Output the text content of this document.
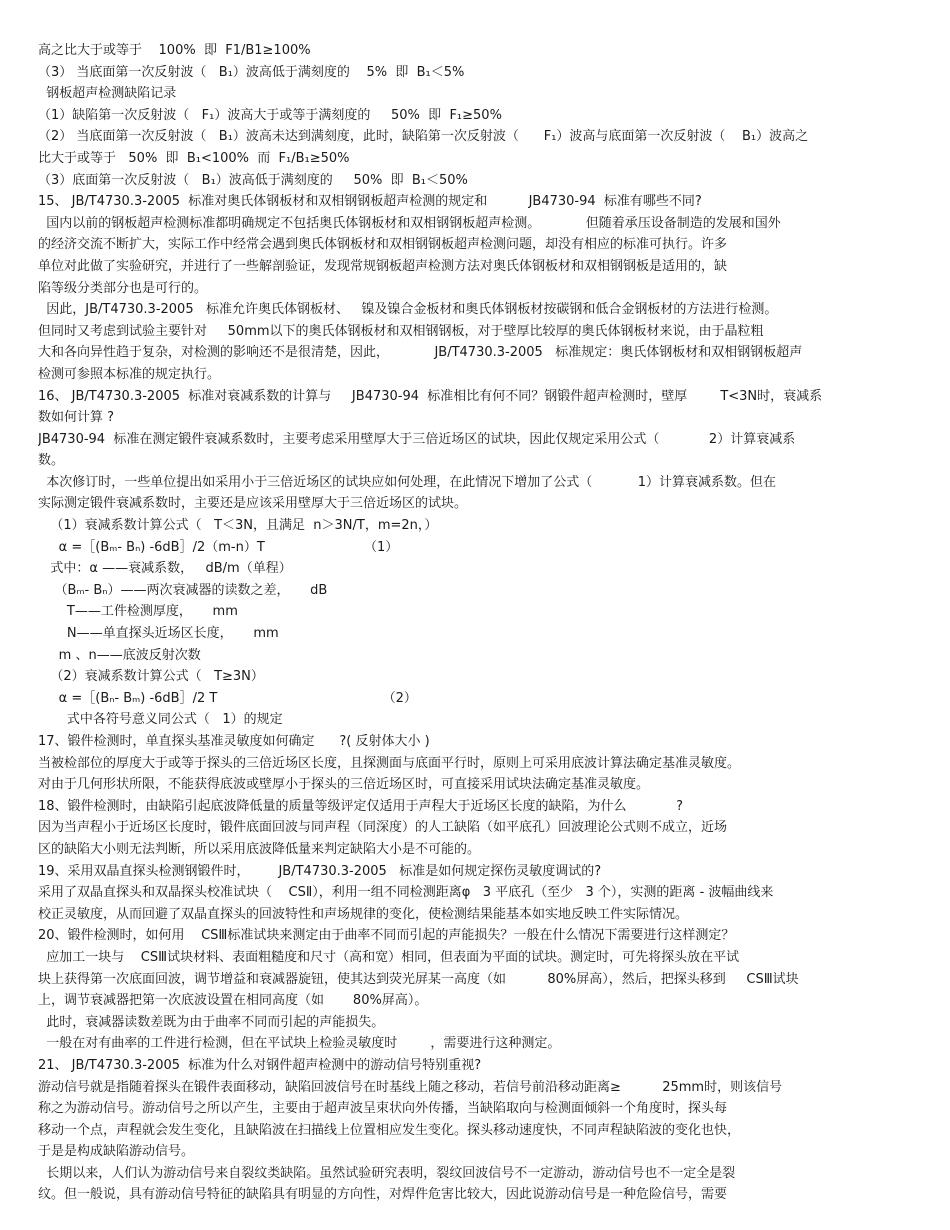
高之比大于或等于    100%  即  F1/B1≥100%
（3） 当底面第一次反射波（   B₁）波高低于满刻度的    5%  即  B₁＜5%
钢板超声检测缺陷记录
（1）缺陷第一次反射波（   F₁）波高大于或等于满刻度的     50%  即  F₁≥50%
（2） 当底面第一次反射波（   B₁）波高未达到满刻度，此时，缺陷第一次反射波（      F₁）波高与底面第一次反射波（    B₁）波高之
比大于或等于   50%  即  B₁<100%  而  F₁/B₁≥50%
（3）底面第一次反射波（   B₁）波高低于满刻度的     50%  即  B₁＜50%
15、 JB/T4730.3-2005  标准对奥氏体钢板材和双相钢钢板超声检测的规定和          JB4730-94  标准有哪些不同?
国内以前的钢板超声检测标准都明确规定不包括奥氏体钢板材和双相钢钢板超声检测。           但随着承压设备制造的发展和国外
的经济交流不断扩大，实际工作中经常会遇到奥氏体钢板材和双相钢钢板超声检测问题，却没有相应的标准可执行。许多
单位对此做了实验研究，并进行了一些解剖验证，发现常规钢板超声检测方法对奥氏体钢板材和双相钢钢板是适用的，缺
陷等级分类部分也是可行的。
因此，JB/T4730.3-2005   标准允许奥氏体钢板材、   镍及镍合金板材和奥氏体钢板材按碳钢和低合金钢板材的方法进行检测。
但同时又考虑到试验主要针对     50mm以下的奥氏体钢板材和双相钢钢板，对于壁厚比较厚的奥氏体钢板材来说，由于晶粒粗
大和各向异性趋于复杂，对检测的影响还不是很清楚，因此，           JB/T4730.3-2005   标准规定：奥氏体钢板材和双相钢钢板超声
检测可参照本标准的规定执行。
16、 JB/T4730.3-2005  标准对衰减系数的计算与     JB4730-94  标准相比有何不同？钢锻件超声检测时，壁厚        T<3N时，衰减系
数如何计算 ?
JB4730-94  标准在测定锻件衰减系数时，主要考虑采用壁厚大于三倍近场区的试块，因此仅规定采用公式（            2）计算衰减系
数。
本次修订时，一些单位提出如采用小于三倍近场区的试块应如何处理，在此情况下增加了公式（           1）计算衰减系数。但在
实际测定锻件衰减系数时，主要还是应该采用壁厚大于三倍近场区的试块。
（1）衰减系数计算公式（   T＜3N，且满足  n＞3N/T，m=2n，）
α =［(Bₘ- Bₙ) -6dB］/2（m-n）T                        （1）
式中：α ——衰减系数，   dB/m（单程）
（Bₘ- Bₙ）——两次衰减器的读数之差，     dB
T——工件检测厚度，     mm
N——单直探头近场区长度，     mm
m 、n——底波反射次数
（2）衰减系数计算公式（   T≥3N）
α =［(Bₙ- Bₘ) -6dB］/2 T                                        （2）
式中各符号意义同公式（   1）的规定
17、锻件检测时，单直探头基准灵敏度如何确定      ?( 反射体大小 )
当被检部位的厚度大于或等于探头的三倍近场区长度，且探测面与底面平行时，原则上可采用底波计算法确定基准灵敏度。
对由于几何形状所限，不能获得底波或壁厚小于探头的三倍近场区时，可直接采用试块法确定基准灵敏度。
18、锻件检测时，由缺陷引起底波降低量的质量等级评定仅适用于声程大于近场区长度的缺陷，为什么            ?
因为当声程小于近场区长度时，锻件底面回波与同声程（同深度）的人工缺陷（如平底孔）回波理论公式则不成立，近场
区的缺陷大小则无法判断，所以采用底波降低量来判定缺陷大小是不可能的。
19、采用双晶直探头检测钢锻件时，       JB/T4730.3-2005   标准是如何规定探伤灵敏度调试的?
采用了双晶直探头和双晶探头校准试块（    CSⅡ），利用一组不同检测距离φ   3 平底孔（至少   3 个），实测的距离 - 波幅曲线来
校正灵敏度，从而回避了双晶直探头的回波特性和声场规律的变化，使检测结果能基本如实地反映工件实际情况。
20、锻件检测时，如何用    CSⅢ标准试块来测定由于曲率不同而引起的声能损失？一般在什么情况下需要进行这样测定？
应加工一块与    CSⅢ试块材料、表面粗糙度和尺寸（高和宽）相同，但表面为平面的试块。测定时，可先将探头放在平试
块上获得第一次底面回波，调节增益和衰减器旋钮，使其达到荧光屏某一高度（如          80%屏高），然后，把探头移到     CSⅢ试块
上，调节衰减器把第一次底波设置在相同高度（如       80%屏高）。
此时，衰减器读数差既为由于曲率不同而引起的声能损失。
一般在对有曲率的工件进行检测，但在平试块上检验灵敏度时        ，需要进行这种测定。
21、 JB/T4730.3-2005  标准为什么对钢件超声检测中的游动信号特别重视?
游动信号就是指随着探头在锻件表面移动，缺陷回波信号在时基线上随之移动，若信号前沿移动距离≥          25mm时，则该信号
称之为游动信号。游动信号之所以产生，主要由于超声波呈束状向外传播，当缺陷取向与检测面倾斜一个角度时，探头每
移动一个点，声程就会发生变化，且缺陷波在扫描线上位置相应发生变化。探头移动速度快，不同声程缺陷波的变化也快，
于是是构成缺陷游动信号。
长期以来，人们认为游动信号来自裂纹类缺陷。虽然试验研究表明，裂纹回波信号不一定游动，游动信号也不一定全是裂
纹。但一般说，具有游动信号特征的缺陷具有明显的方向性，对焊件危害比较大，因此说游动信号是一种危险信号，需要
